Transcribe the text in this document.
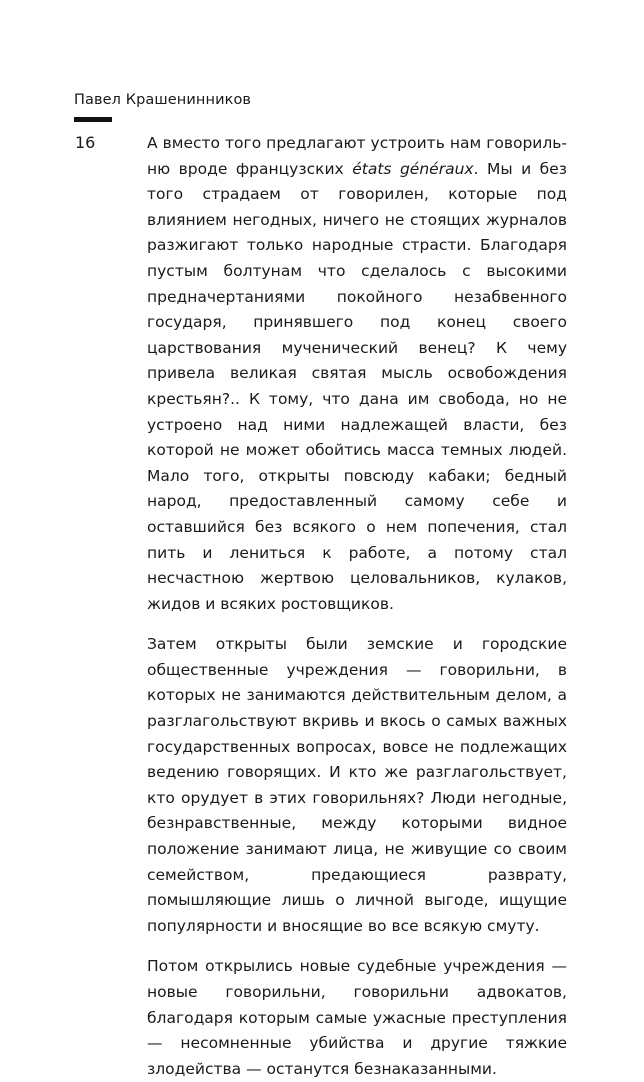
Павел Крашенинников
16	А вместо того предлагают устроить нам говорильню вроде французских états généraux. Мы и без того страдаем от говорилен, которые под влиянием негодных, ничего не стоящих журналов разжигают только народные страсти. Благодаря пустым болтунам что сделалось с высокими предначертаниями покойного незабвенного государя, принявшего под конец своего царствования мученический венец? К чему привела великая святая мысль освобождения крестьян?.. К тому, что дана им свобода, но не устроено над ними надлежащей власти, без которой не может обойтись масса темных людей. Мало того, открыты повсюду кабаки; бедный народ, предоставленный самому себе и оставшийся без всякого о нем попечения, стал пить и лениться к работе, а потому стал несчастною жертвою целовальников, кулаков, жидов и всяких ростовщиков.

Затем открыты были земские и городские общественные учреждения — говорильни, в которых не занимаются действительным делом, а разглагольствуют вкривь и вкось о самых важных государственных вопросах, вовсе не подлежащих ведению говорящих. И кто же разглагольствует, кто орудует в этих говорильнях? Люди негодные, безнравственные, между которыми видное положение занимают лица, не живущие со своим семейством, предающиеся разврату, помышляющие лишь о личной выгоде, ищущие популярности и вносящие во все всякую смуту.

Потом открылись новые судебные учреждения — новые говорильни, говорильни адвокатов, благодаря которым самые ужасные преступления — несомненные убийства и другие тяжкие злодейства — останутся безнаказанными.
